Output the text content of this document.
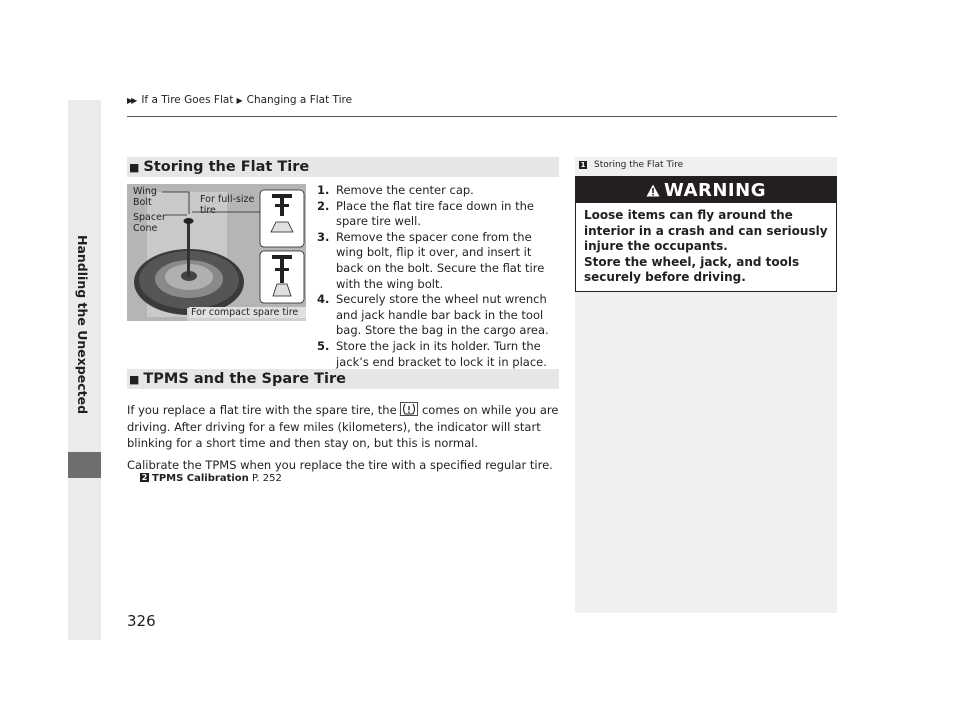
▶▶ If a Tire Goes Flat ▶ Changing a Flat Tire
Handling the Unexpected
326
■ Storing the Flat Tire
Wing Bolt
Spacer Cone
For full-size tire
For compact spare tire
1. Remove the center cap.
2. Place the flat tire face down in the spare tire well.
3. Remove the spacer cone from the wing bolt, flip it over, and insert it back on the bolt. Secure the flat tire with the wing bolt.
4. Securely store the wheel nut wrench and jack handle bar back in the tool bag. Store the bag in the cargo area.
5. Store the jack in its holder. Turn the jack’s end bracket to lock it in place.
■ TPMS and the Spare Tire
If you replace a flat tire with the spare tire, the comes on while you are driving. After driving for a few miles (kilometers), the indicator will start blinking for a short time and then stay on, but this is normal.
Calibrate the TPMS when you replace the tire with a specified regular tire.
2 TPMS Calibration P. 252
1 Storing the Flat Tire
WARNING
Loose items can fly around the interior in a crash and can seriously injure the occupants.
Store the wheel, jack, and tools securely before driving.
